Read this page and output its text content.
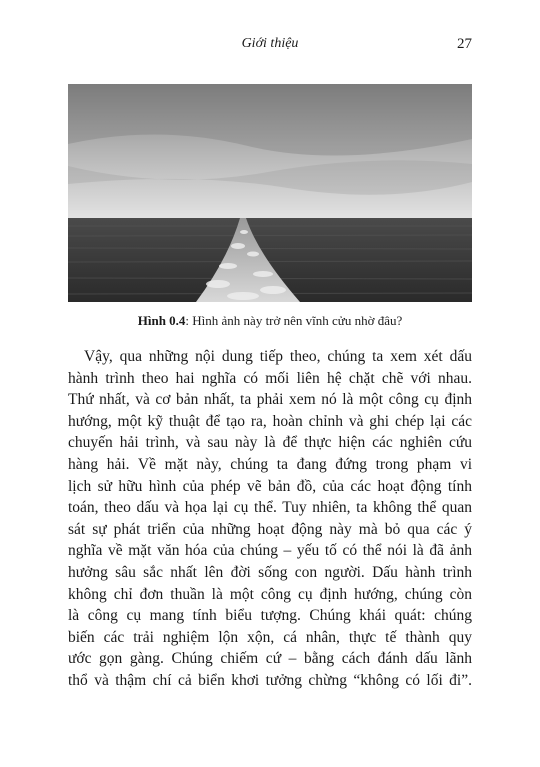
Giới thiệu	27
Hình 0.4: Hình ảnh này trở nên vĩnh cửu nhờ đâu?
Vậy, qua những nội dung tiếp theo, chúng ta xem xét dấu
hành trình theo hai nghĩa có mối liên hệ chặt chẽ với nhau.
Thứ nhất, và cơ bản nhất, ta phải xem nó là một công cụ định
hướng, một kỹ thuật để tạo ra, hoàn chỉnh và ghi chép lại các
chuyến hải trình, và sau này là để thực hiện các nghiên cứu
hàng hải. Về mặt này, chúng ta đang đứng trong phạm vi
lịch sử hữu hình của phép vẽ bản đồ, của các hoạt động tính
toán, theo dấu và họa lại cụ thể. Tuy nhiên, ta không thể quan
sát sự phát triển của những hoạt động này mà bỏ qua các ý
nghĩa về mặt văn hóa của chúng – yếu tố có thể nói là đã ảnh
hưởng sâu sắc nhất lên đời sống con người. Dấu hành trình
không chỉ đơn thuần là một công cụ định hướng, chúng còn
là công cụ mang tính biểu tượng. Chúng khái quát: chúng
biến các trải nghiệm lộn xộn, cá nhân, thực tế thành quy
ước gọn gàng. Chúng chiếm cứ – bằng cách đánh dấu lãnh
thổ và thậm chí cả biển khơi tưởng chừng “không có lối đi”.
